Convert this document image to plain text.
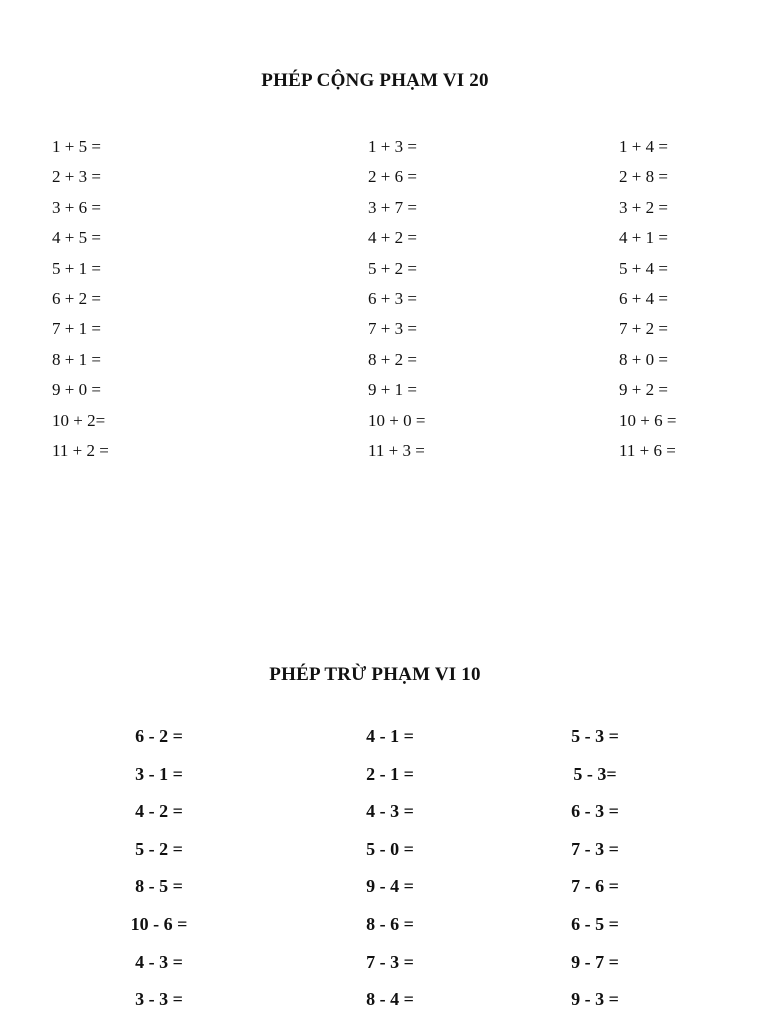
PHÉP CỘNG PHẠM VI 20
1 + 5 =
2 + 3 =
3 + 6 =
4 + 5 =
5 + 1 =
6 + 2 =
7 + 1 =
8 + 1 =
9 + 0 =
10 + 2=
11 + 2 =
1 + 3 =
2 + 6 =
3 + 7 =
4 + 2 =
5 + 2 =
6 + 3 =
7 + 3 =
8 + 2 =
9 + 1 =
10 + 0 =
11 + 3 =
1 + 4 =
2 + 8 =
3 + 2 =
4 + 1 =
5 + 4 =
6 + 4 =
7 + 2 =
8 + 0 =
9 + 2 =
10 + 6 =
11 + 6 =
PHÉP TRỪ PHẠM VI 10
6 - 2 =
3 - 1 =
4 - 2 =
5 - 2 =
8 - 5 =
10 - 6 =
4 - 3 =
3 - 3 =
4 - 1 =
2 - 1 =
4 - 3 =
5 - 0 =
9 - 4 =
8 - 6 =
7 - 3 =
8 - 4 =
5 - 3 =
5 - 3=
6 - 3 =
7 - 3 =
7 - 6 =
6 - 5 =
9 - 7 =
9 - 3 =
